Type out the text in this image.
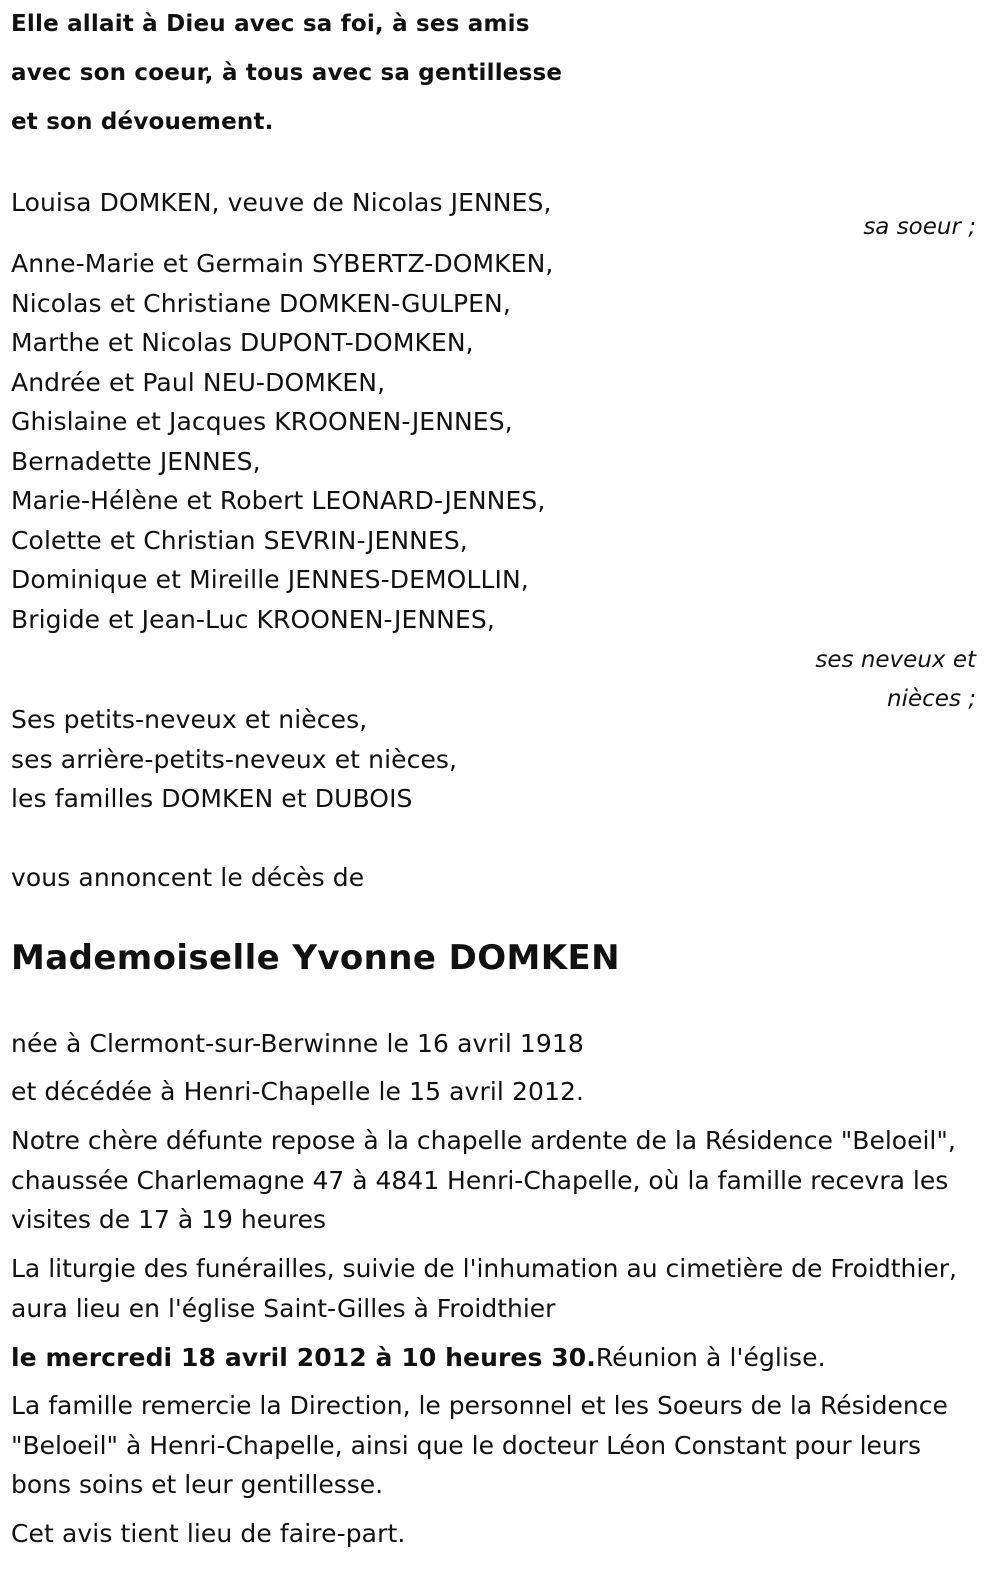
Elle allait à Dieu avec sa foi, à ses amis
avec son coeur, à tous avec sa gentillesse
et son dévouement.
Louisa DOMKEN, veuve de Nicolas JENNES,
sa soeur ;
Anne-Marie et Germain SYBERTZ-DOMKEN,
Nicolas et Christiane DOMKEN-GULPEN,
Marthe et Nicolas DUPONT-DOMKEN,
Andrée et Paul NEU-DOMKEN,
Ghislaine et Jacques KROONEN-JENNES,
Bernadette JENNES,
Marie-Hélène et Robert LEONARD-JENNES,
Colette et Christian SEVRIN-JENNES,
Dominique et Mireille JENNES-DEMOLLIN,
Brigide et Jean-Luc KROONEN-JENNES,
ses neveux et
nièces ;
Ses petits-neveux et nièces,
ses arrière-petits-neveux et nièces,
les familles DOMKEN et DUBOIS
vous annoncent le décès de
Mademoiselle Yvonne DOMKEN
née à Clermont-sur-Berwinne le 16 avril 1918
et décédée à Henri-Chapelle le 15 avril 2012.
Notre chère défunte repose à la chapelle ardente de la Résidence "Beloeil", chaussée Charlemagne 47 à 4841 Henri-Chapelle, où la famille recevra les visites de 17 à 19 heures
La liturgie des funérailles, suivie de l'inhumation au cimetière de Froidthier, aura lieu en l'église Saint-Gilles à Froidthier
le mercredi 18 avril 2012 à 10 heures 30.Réunion à l'église.
La famille remercie la Direction, le personnel et les Soeurs de la Résidence "Beloeil" à Henri-Chapelle, ainsi que le docteur Léon Constant pour leurs bons soins et leur gentillesse.
Cet avis tient lieu de faire-part.
